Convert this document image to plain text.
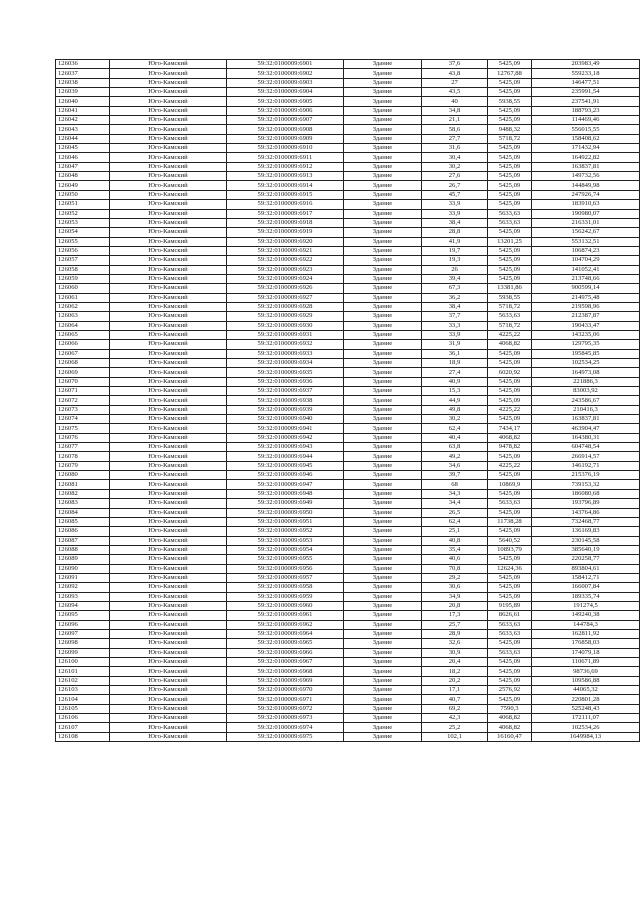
126036	Юго-Камский	59:32:0100009:6901	Здание	37,6	5425,09	203983,49
126037	Юго-Камский	59:32:0100009:6902	Здание	43,8	12767,88	559233,18
126038	Юго-Камский	59:32:0100009:6903	Здание	27	5425,09	146477,51
126039	Юго-Камский	59:32:0100009:6904	Здание	43,5	5425,09	235991,54
126040	Юго-Камский	59:32:0100009:6905	Здание	40	5938,55	237541,91
126041	Юго-Камский	59:32:0100009:6906	Здание	34,8	5425,09	188793,23
126042	Юго-Камский	59:32:0100009:6907	Здание	21,1	5425,09	114469,46
126043	Юго-Камский	59:32:0100009:6908	Здание	58,6	9488,32	556015,55
126044	Юго-Камский	59:32:0100009:6909	Здание	27,7	5718,72	158408,62
126045	Юго-Камский	59:32:0100009:6910	Здание	31,6	5425,09	171432,94
126046	Юго-Камский	59:32:0100009:6911	Здание	30,4	5425,09	164922,82
126047	Юго-Камский	59:32:0100009:6912	Здание	30,2	5425,09	163837,81
126048	Юго-Камский	59:32:0100009:6913	Здание	27,6	5425,09	149732,56
126049	Юго-Камский	59:32:0100009:6914	Здание	26,7	5425,09	144849,98
126050	Юго-Камский	59:32:0100009:6915	Здание	45,7	5425,09	247926,74
126051	Юго-Камский	59:32:0100009:6916	Здание	33,9	5425,09	183910,63
126052	Юго-Камский	59:32:0100009:6917	Здание	33,9	5633,63	190980,07
126053	Юго-Камский	59:32:0100009:6918	Здание	38,4	5633,63	216331,01
126054	Юго-Камский	59:32:0100009:6919	Здание	28,8	5425,09	156242,67
126055	Юго-Камский	59:32:0100009:6920	Здание	41,9	13201,25	553132,51
126056	Юго-Камский	59:32:0100009:6921	Здание	19,7	5425,09	106874,23
126057	Юго-Камский	59:32:0100009:6922	Здание	19,3	5425,09	104704,29
126058	Юго-Камский	59:32:0100009:6923	Здание	26	5425,09	141052,41
126059	Юго-Камский	59:32:0100009:6924	Здание	39,4	5425,09	213748,66
126060	Юго-Камский	59:32:0100009:6926	Здание	67,3	13381,86	900599,14
126061	Юго-Камский	59:32:0100009:6927	Здание	36,2	5938,55	214975,48
126062	Юго-Камский	59:32:0100009:6928	Здание	38,4	5718,72	219598,96
126063	Юго-Камский	59:32:0100009:6929	Здание	37,7	5633,63	212387,87
126064	Юго-Камский	59:32:0100009:6930	Здание	33,3	5718,72	190433,47
126065	Юго-Камский	59:32:0100009:6931	Здание	33,9	4225,22	143235,06
126066	Юго-Камский	59:32:0100009:6932	Здание	31,9	4068,82	129795,35
126067	Юго-Камский	59:32:0100009:6933	Здание	36,1	5425,09	195845,85
126068	Юго-Камский	59:32:0100009:6934	Здание	18,9	5425,09	102534,25
126069	Юго-Камский	59:32:0100009:6935	Здание	27,4	6020,92	164973,08
126070	Юго-Камский	59:32:0100009:6936	Здание	40,9	5425,09	221886,3
126071	Юго-Камский	59:32:0100009:6937	Здание	15,3	5425,09	83003,92
126072	Юго-Камский	59:32:0100009:6938	Здание	44,9	5425,09	243586,67
126073	Юго-Камский	59:32:0100009:6939	Здание	49,8	4225,22	210416,3
126074	Юго-Камский	59:32:0100009:6940	Здание	30,2	5425,09	163837,81
126075	Юго-Камский	59:32:0100009:6941	Здание	62,4	7434,17	463904,47
126076	Юго-Камский	59:32:0100009:6942	Здание	40,4	4068,82	164380,31
126077	Юго-Камский	59:32:0100009:6943	Здание	63,8	9478,82	604748,54
126078	Юго-Камский	59:32:0100009:6944	Здание	49,2	5425,09	266914,57
126079	Юго-Камский	59:32:0100009:6945	Здание	34,6	4225,22	146192,71
126080	Юго-Камский	59:32:0100009:6946	Здание	39,7	5425,09	215376,19
126081	Юго-Камский	59:32:0100009:6947	Здание	68	10869,9	739153,32
126082	Юго-Камский	59:32:0100009:6948	Здание	34,3	5425,09	186080,68
126083	Юго-Камский	59:32:0100009:6949	Здание	34,4	5633,63	193796,89
126084	Юго-Камский	59:32:0100009:6950	Здание	26,5	5425,09	143764,86
126085	Юго-Камский	59:32:0100009:6951	Здание	62,4	11738,28	732468,77
126086	Юго-Камский	59:32:0100009:6952	Здание	25,1	5425,09	136169,83
126087	Юго-Камский	59:32:0100009:6953	Здание	40,8	5640,52	230145,58
126088	Юго-Камский	59:32:0100009:6954	Здание	35,4	10893,79	385640,19
126089	Юго-Камский	59:32:0100009:6955	Здание	40,6	5425,09	220258,77
126090	Юго-Камский	59:32:0100009:6956	Здание	70,8	12624,36	893804,61
126091	Юго-Камский	59:32:0100009:6957	Здание	29,2	5425,09	158412,71
126092	Юго-Камский	59:32:0100009:6958	Здание	30,6	5425,09	166007,84
126093	Юго-Камский	59:32:0100009:6959	Здание	34,9	5425,09	189335,74
126094	Юго-Камский	59:32:0100009:6960	Здание	20,8	9195,89	191274,5
126095	Юго-Камский	59:32:0100009:6961	Здание	17,3	8626,61	149240,38
126096	Юго-Камский	59:32:0100009:6962	Здание	25,7	5633,63	144784,3
126097	Юго-Камский	59:32:0100009:6964	Здание	28,9	5633,63	162811,92
126098	Юго-Камский	59:32:0100009:6965	Здание	32,6	5425,09	176858,03
126099	Юго-Камский	59:32:0100009:6966	Здание	30,9	5633,63	174079,18
126100	Юго-Камский	59:32:0100009:6967	Здание	20,4	5425,09	110671,89
126101	Юго-Камский	59:32:0100009:6968	Здание	18,2	5425,09	98736,69
126102	Юго-Камский	59:32:0100009:6969	Здание	20,2	5425,09	109586,88
126103	Юго-Камский	59:32:0100009:6970	Здание	17,1	2576,92	44065,32
126104	Юго-Камский	59:32:0100009:6971	Здание	40,7	5425,09	220801,28
126105	Юго-Камский	59:32:0100009:6972	Здание	69,2	7590,3	525248,43
126106	Юго-Камский	59:32:0100009:6973	Здание	42,3	4068,82	172111,07
126107	Юго-Камский	59:32:0100009:6974	Здание	25,2	4068,82	102534,26
126108	Юго-Камский	59:32:0100009:6975	Здание	102,1	16160,47	1649984,13
